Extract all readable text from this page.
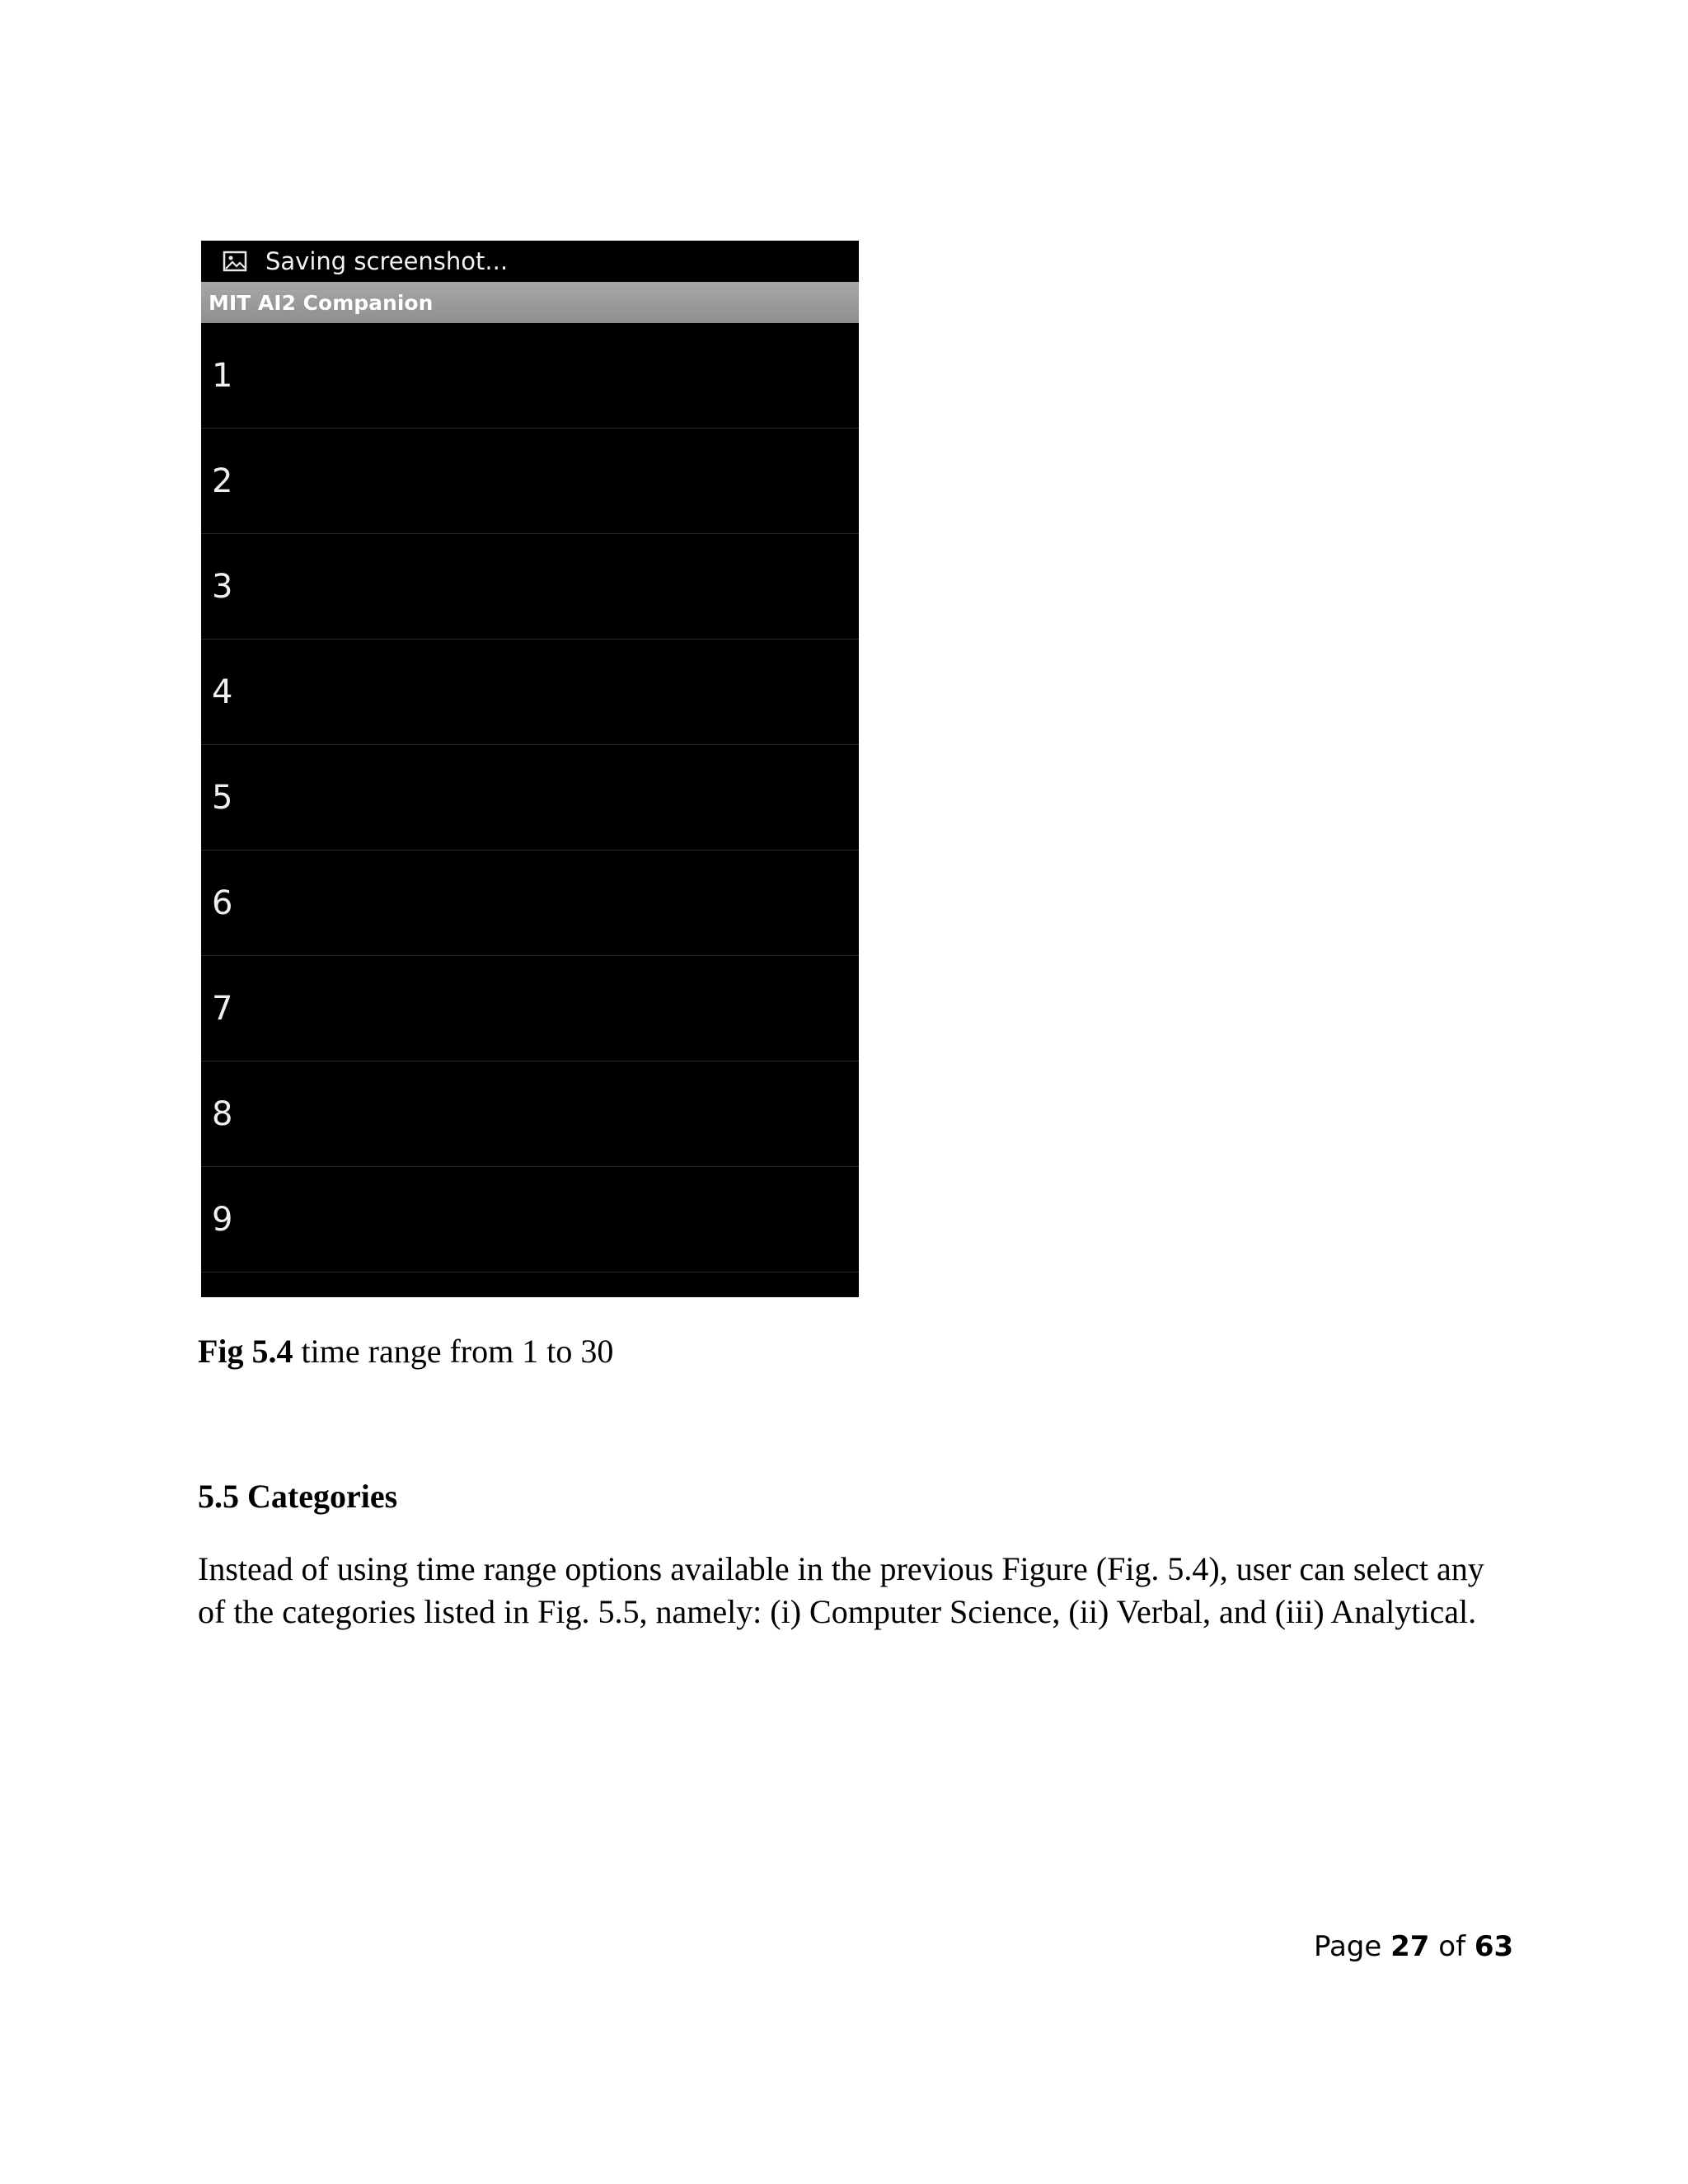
Saving screenshot...
MIT AI2 Companion
1
2
3
4
5
6
7
8
9
Fig 5.4 time range from 1 to 30
5.5 Categories

Instead of using time range options available in the previous Figure (Fig. 5.4), user can select any of the categories listed in Fig. 5.5, namely: (i) Computer Science, (ii) Verbal, and (iii) Analytical.

Page 27 of 63
